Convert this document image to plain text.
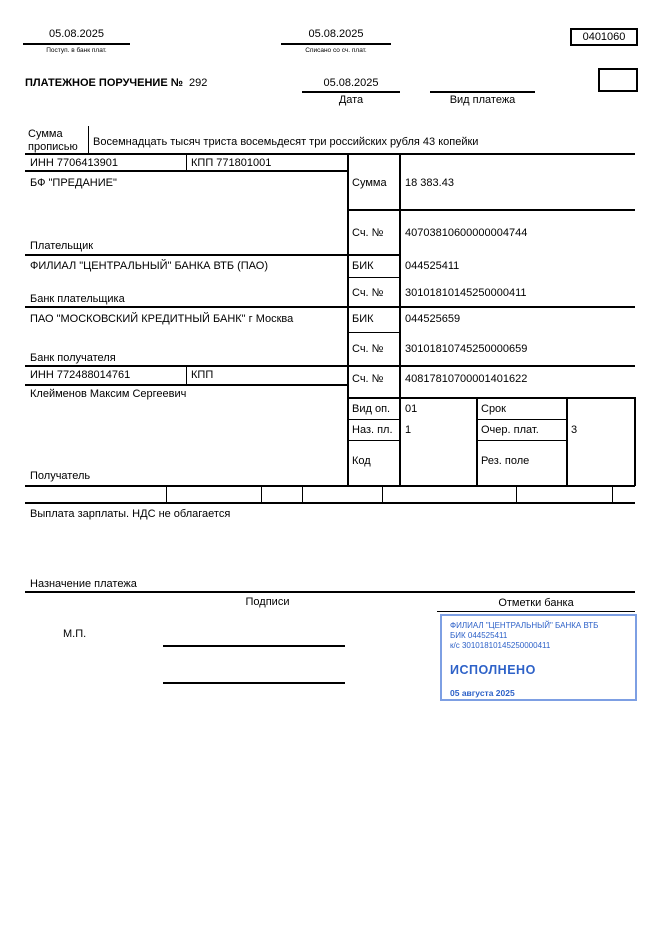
05.08.2025
Поступ. в банк плат.
05.08.2025
Списано со сч. плат.
0401060
ПЛАТЕЖНОЕ ПОРУЧЕНИЕ № 292	05.08.2025
Дата	Вид платежа
Сумма прописью	Восемнадцать тысяч триста восемьдесят три российских рубля 43 копейки
ИНН 7706413901	КПП 771801001
БФ "ПРЕДАНИЕ"
Плательщик
Сумма 18 383.43
Сч. № 40703810600000004744
ФИЛИАЛ "ЦЕНТРАЛЬНЫЙ" БАНКА ВТБ (ПАО)	БИК	044525411
Сч. № 30101810145250000411
Банк плательщика
ПАО "МОСКОВСКИЙ КРЕДИТНЫЙ БАНК" г Москва	БИК	044525659
Сч. № 30101810745250000659
Банк получателя
ИНН 772488014761	КПП
Клейменов Максим Сергеевич
Сч. № 40817810700001401622
Получатель
Вид оп. 01	Срок
Наз. пл. 1	Очер. плат.	3
Код	Рез. поле
Выплата зарплаты. НДС не облагается
Назначение платежа
Подписи	Отметки банка
М.П.
ФИЛИАЛ "ЦЕНТРАЛЬНЫЙ" БАНКА ВТБ
БИК 044525411
к/с 30101810145250000411
ИСПОЛНЕНО
05 августа 2025
